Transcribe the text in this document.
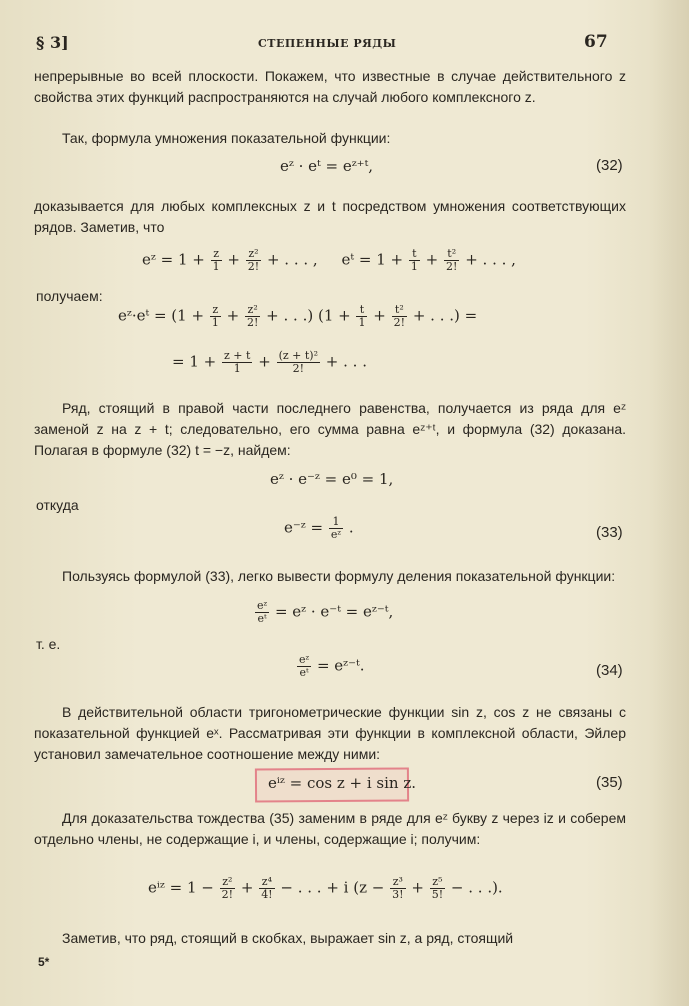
§ 3]	СТЕПЕННЫЕ РЯДЫ	67
непрерывные во всей плоскости. Покажем, что известные в случае действительного z свойства этих функций распространяются на случай любого комплексного z.
Так, формула умножения показательной функции:
eᶻ · eᵗ = eᶻ⁺ᵗ,	(32)
доказывается для любых комплексных z и t посредством умножения соответствующих рядов. Заметив, что
eᶻ = $1 + \frac{z}{1} + \frac{\text{z²}}{2!}$ + . . . , eᵗ = $1 + \frac{t}{1} + \frac{\text{t²}}{2!}$ + . . . ,
получаем:
eᶻ·eᵗ = ($1 + \frac{z}{1} + \frac{\text{z²}}{2!}$ + . . .) ($1 + \frac{t}{1} + \frac{\text{t²}}{2!}$ + . . .) =
= $1 + \frac{z + t}{1} + \frac{\text{(z + t)²}}{2!}$ + . . .
Ряд, стоящий в правой части последнего равенства, получается из ряда для eᶻ заменой z на z + t; следовательно, его сумма равна eᶻ⁺ᵗ, и формула (32) доказана. Полагая в формуле (32) t = −z, найдем:
eᶻ · e⁻ᶻ = e⁰ = 1,
откуда
e⁻ᶻ = $\frac{1}{\text{eᶻ}}$ .	(33)
Пользуясь формулой (33), легко вывести формулу деления показательной функции:
$\frac{\text{eᶻ}}{\text{eᵗ}}$ = eᶻ · e⁻ᵗ = eᶻ⁻ᵗ,
т. е.
$\frac{\text{eᶻ}}{\text{eᵗ}}$ = eᶻ⁻ᵗ.	(34)
В действительной области тригонометрические функции sin z, cos z не связаны с показательной функцией eˣ. Рассматривая эти функции в комплексной области, Эйлер установил замечательное соотношение между ними:
eⁱᶻ = cos z + i sin z.	(35)
Для доказательства тождества (35) заменим в ряде для eᶻ букву z через iz и соберем отдельно члены, не содержащие i, и члены, содержащие i; получим:
eⁱᶻ = $1 - \frac{\text{z²}}{2!} + \frac{\text{z⁴}}{4!}$ − . . . + i ($z - \frac{\text{z³}}{3!} + \frac{\text{z⁵}}{5!}$ − . . .).
Заметив, что ряд, стоящий в скобках, выражает sin z, а ряд, стоящий
5*
